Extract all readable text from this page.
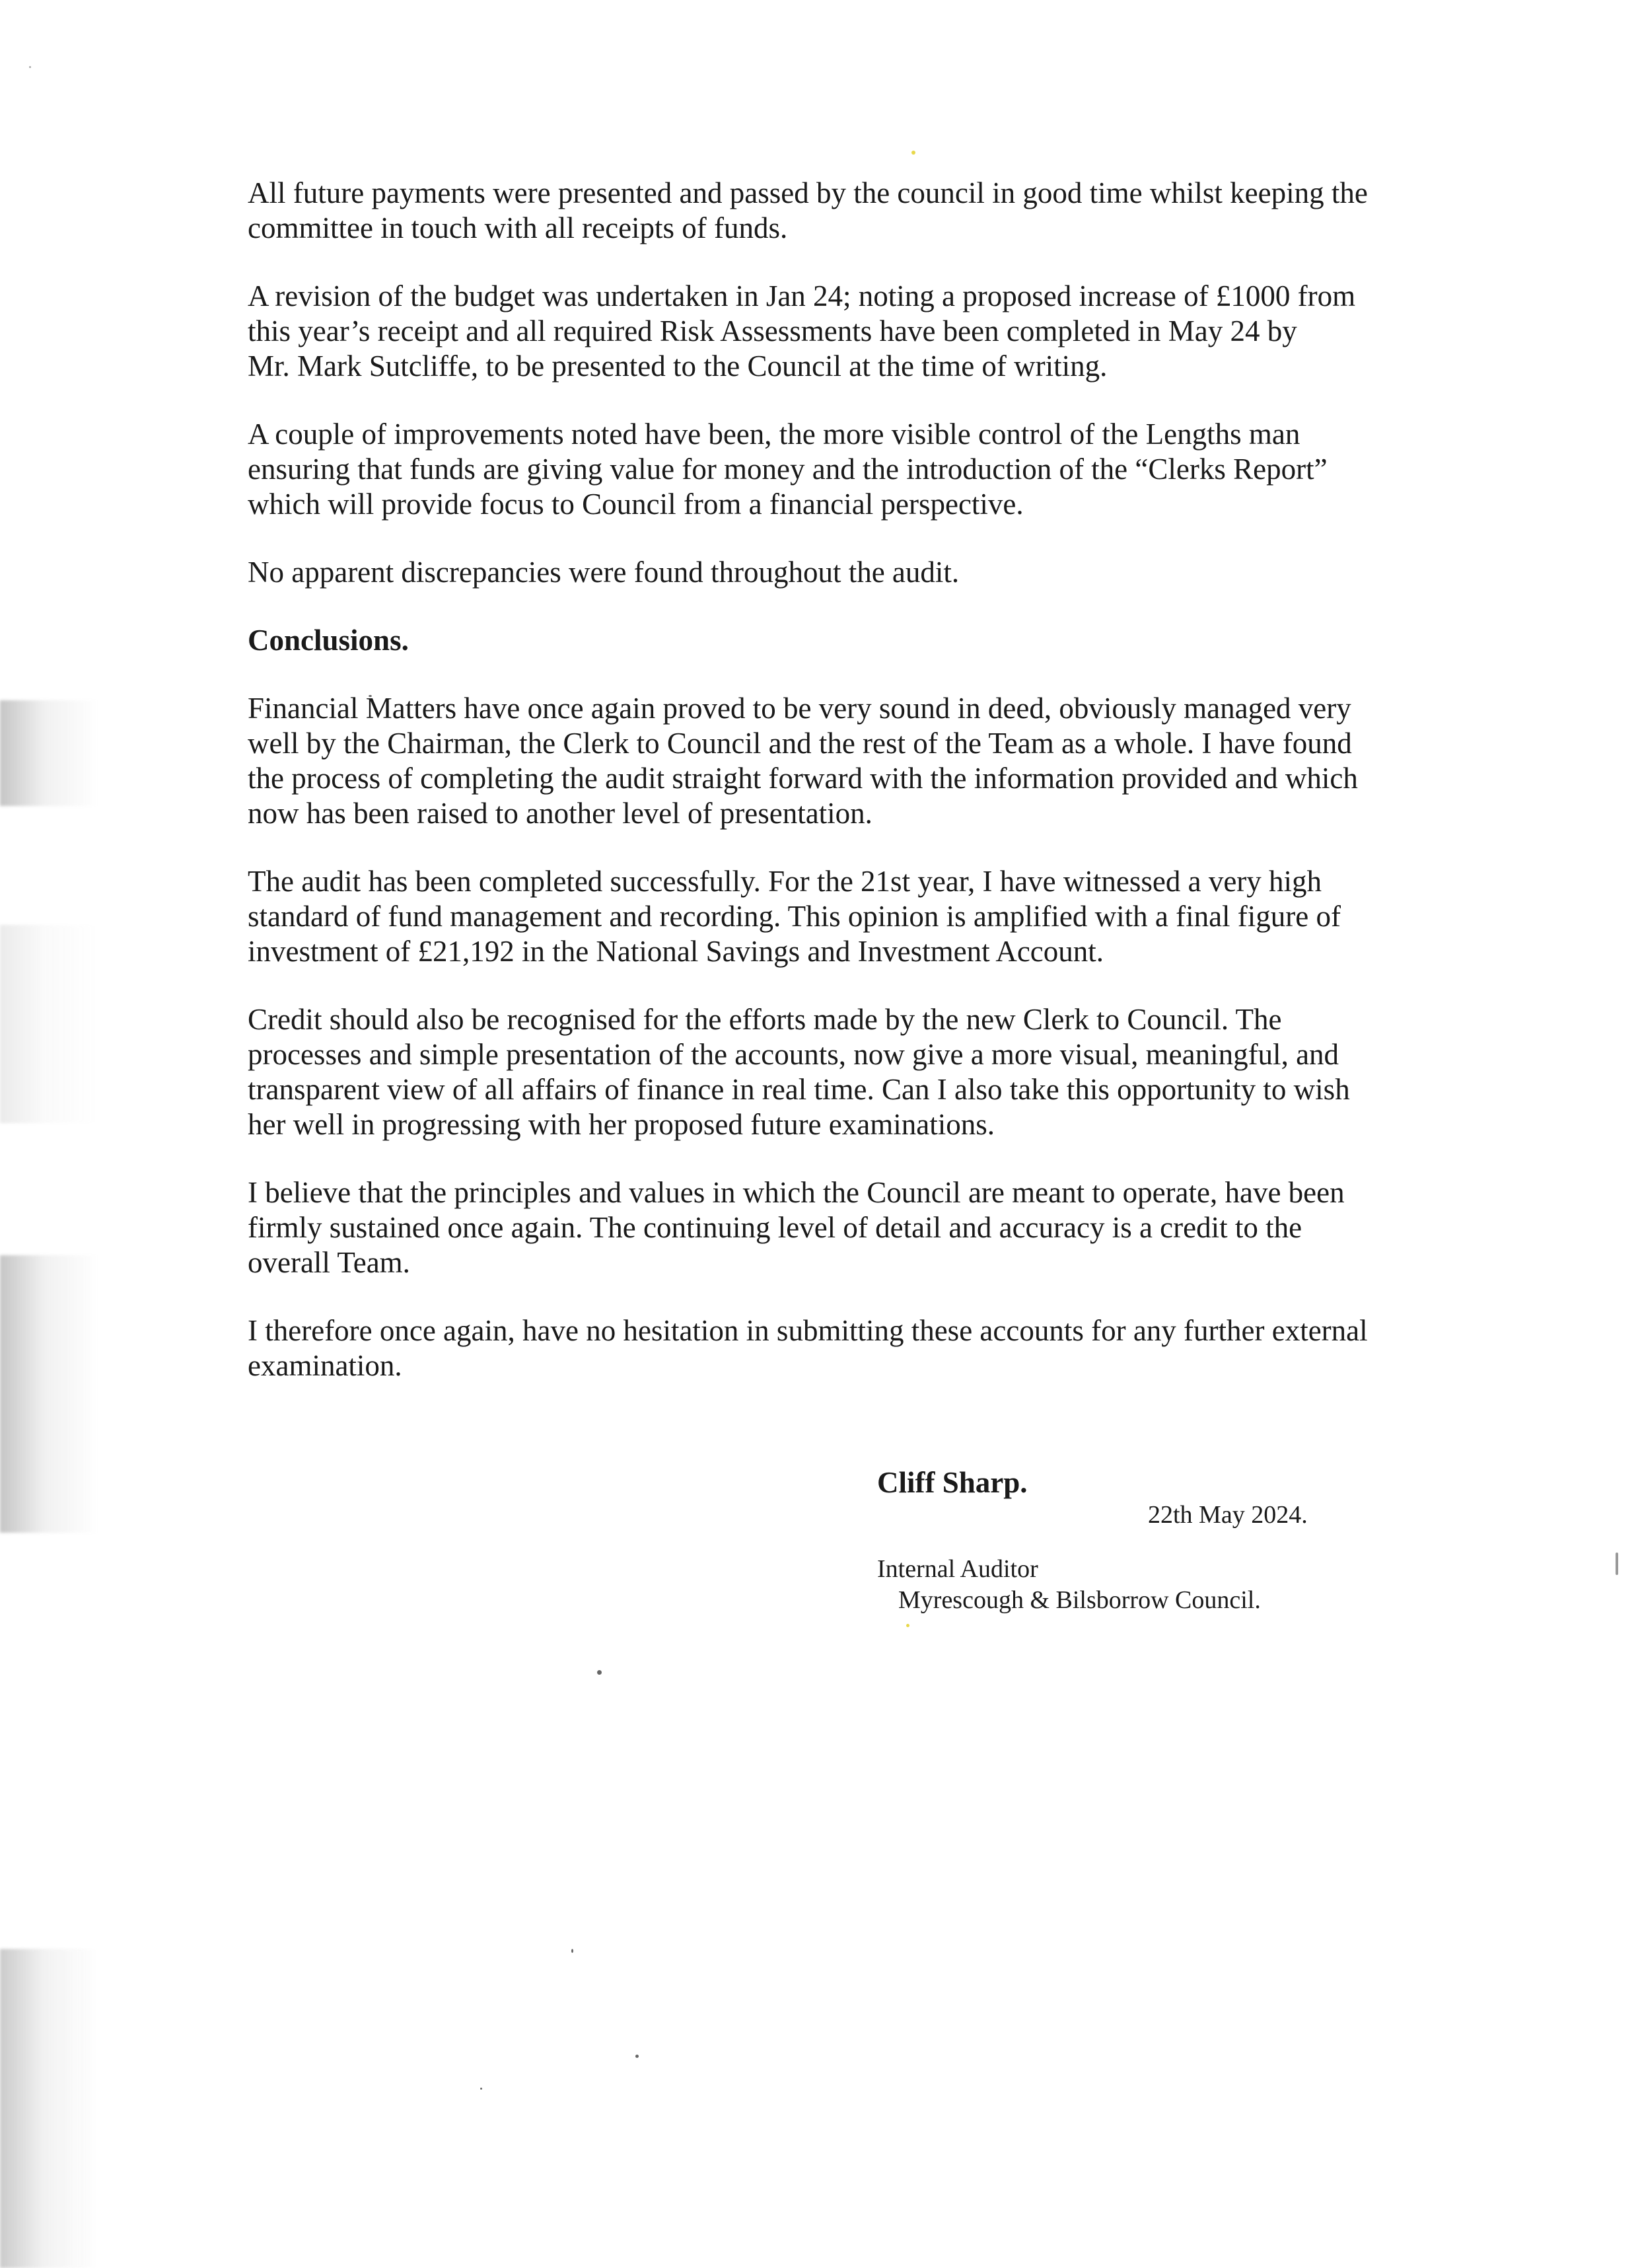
All future payments were presented and passed by the council in good time whilst keeping the
committee in touch with all receipts of funds.

A revision of the budget was undertaken in Jan 24; noting a proposed increase of £1000 from
this year’s receipt and all required Risk Assessments have been completed in May 24 by
Mr. Mark Sutcliffe, to be presented to the Council at the time of writing.

A couple of improvements noted have been, the more visible control of the Lengths man
ensuring that funds are giving value for money and the introduction of the “Clerks Report”
which will provide focus to Council from a financial perspective.

No apparent discrepancies were found throughout the audit.

Conclusions.

Financial Matters have once again proved to be very sound in deed, obviously managed very
well by the Chairman, the Clerk to Council and the rest of the Team as a whole. I have found
the process of completing the audit straight forward with the information provided and which
now has been raised to another level of presentation.

The audit has been completed successfully. For the 21st year, I have witnessed a very high
standard of fund management and recording. This opinion is amplified with a final figure of
investment of £21,192 in the National Savings and Investment Account.

Credit should also be recognised for the efforts made by the new Clerk to Council. The
processes and simple presentation of the accounts, now give a more visual, meaningful, and
transparent view of all affairs of finance in real time. Can I also take this opportunity to wish
her well in progressing with her proposed future examinations.

I believe that the principles and values in which the Council are meant to operate, have been
firmly sustained once again. The continuing level of detail and accuracy is a credit to the
overall Team.

I therefore once again, have no hesitation in submitting these accounts for any further external
examination.

Cliff Sharp.

22th May 2024.

Internal Auditor

Myrescough & Bilsborrow Council.
